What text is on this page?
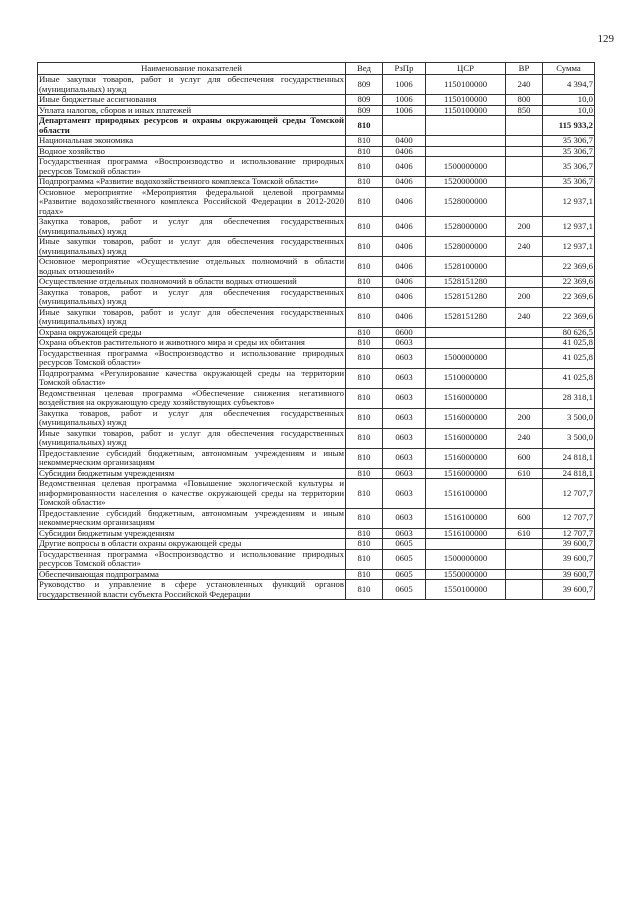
129
Наименование показателей	Вед	РзПр	ЦСР	ВР	Сумма
Иные закупки товаров, работ и услуг для обеспечения государственных (муниципальных) нужд	809	1006	1150100000	240	4 394,7
Иные бюджетные ассигнования	809	1006	1150100000	800	10,0
Уплата налогов, сборов и иных платежей	809	1006	1150100000	850	10,0
Департамент природных ресурсов и охраны окружающей среды Томской области	810				115 933,2
Национальная экономика	810	0400			35 306,7
Водное хозяйство	810	0406			35 306,7
Государственная программа «Воспроизводство и использование природных ресурсов Томской области»	810	0406	1500000000		35 306,7
Подпрограмма «Развитие водохозяйственного комплекса Томской области»	810	0406	1520000000		35 306,7
Основное мероприятие «Мероприятия федеральной целевой программы «Развитие водохозяйственного комплекса Российской Федерации в 2012-2020 годах»	810	0406	1528000000		12 937,1
Закупка товаров, работ и услуг для обеспечения государственных (муниципальных) нужд	810	0406	1528000000	200	12 937,1
Иные закупки товаров, работ и услуг для обеспечения государственных (муниципальных) нужд	810	0406	1528000000	240	12 937,1
Основное мероприятие «Осуществление отдельных полномочий в области водных отношений»	810	0406	1528100000		22 369,6
Осуществление отдельных полномочий в области водных отношений	810	0406	1528151280		22 369,6
Закупка товаров, работ и услуг для обеспечения государственных (муниципальных) нужд	810	0406	1528151280	200	22 369,6
Иные закупки товаров, работ и услуг для обеспечения государственных (муниципальных) нужд	810	0406	1528151280	240	22 369,6
Охрана окружающей среды	810	0600			80 626,5
Охрана объектов растительного и животного мира и среды их обитания	810	0603			41 025,8
Государственная программа «Воспроизводство и использование природных ресурсов Томской области»	810	0603	1500000000		41 025,8
Подпрограмма «Регулирование качества окружающей среды на территории Томской области»	810	0603	1510000000		41 025,8
Ведомственная целевая программа «Обеспечение снижения негативного воздействия на окружающую среду хозяйствующих субъектов»	810	0603	1516000000		28 318,1
Закупка товаров, работ и услуг для обеспечения государственных (муниципальных) нужд	810	0603	1516000000	200	3 500,0
Иные закупки товаров, работ и услуг для обеспечения государственных (муниципальных) нужд	810	0603	1516000000	240	3 500,0
Предоставление субсидий бюджетным, автономным учреждениям и иным некоммерческим организациям	810	0603	1516000000	600	24 818,1
Субсидии бюджетным учреждениям	810	0603	1516000000	610	24 818,1
Ведомственная целевая программа «Повышение экологической культуры и информированности населения о качестве окружающей среды на территории Томской области»	810	0603	1516100000		12 707,7
Предоставление субсидий бюджетным, автономным учреждениям и иным некоммерческим организациям	810	0603	1516100000	600	12 707,7
Субсидии бюджетным учреждениям	810	0603	1516100000	610	12 707,7
Другие вопросы в области охраны окружающей среды	810	0605			39 600,7
Государственная программа «Воспроизводство и использование природных ресурсов Томской области»	810	0605	1500000000		39 600,7
Обеспечивающая подпрограмма	810	0605	1550000000		39 600,7
Руководство и управление в сфере установленных функций органов государственной власти субъекта Российской Федерации	810	0605	1550100000		39 600,7
